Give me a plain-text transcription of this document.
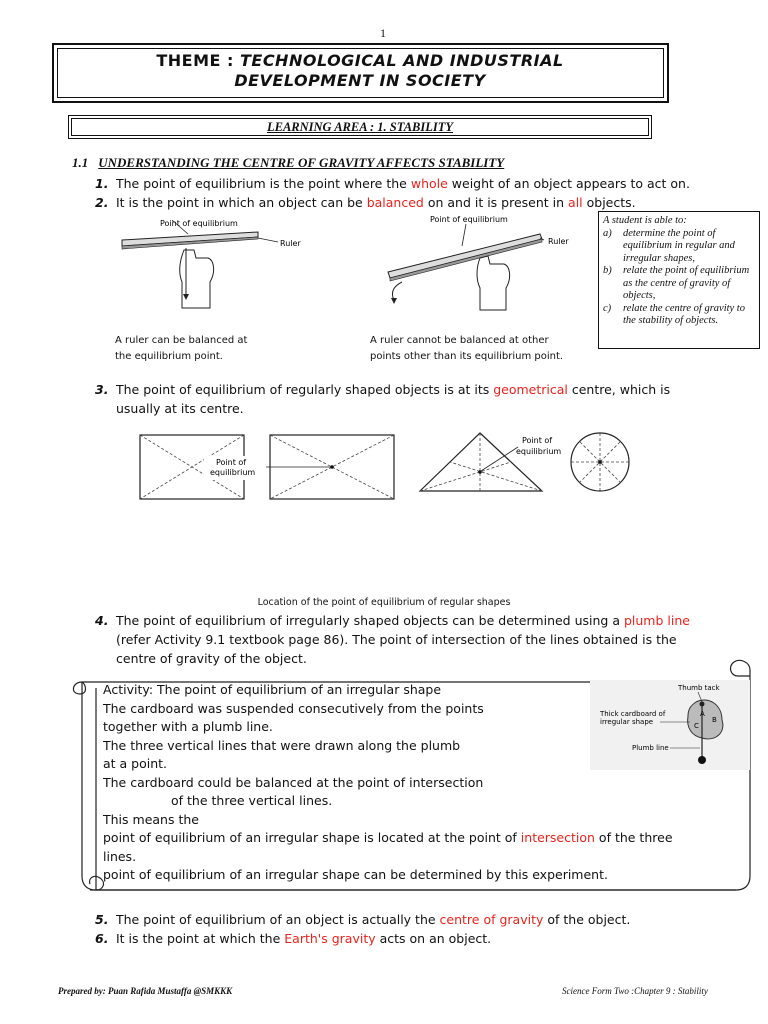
1
THEME : TECHNOLOGICAL AND INDUSTRIAL
DEVELOPMENT IN SOCIETY
LEARNING AREA : 1. STABILITY
1.1 UNDERSTANDING THE CENTRE OF GRAVITY AFFECTS STABILITY
1. The point of equilibrium is the point where the whole weight of an object appears to act on.
2. It is the point in which an object can be balanced on and it is present in all objects.
Point of equilibrium
Ruler
Point of equilibrium
Ruler
A ruler can be balanced at
the equilibrium point.
A ruler cannot be balanced at other
points other than its equilibrium point.
A student is able to:
a)	determine the point of equilibrium in regular and irregular shapes,
b)	relate the point of equilibrium as the centre of gravity of objects,
c)	relate the centre of gravity to the stability of objects.
3. The point of equilibrium of regularly shaped objects is at its geometrical centre, which is
usually at its centre.
Point of
equilibrium
Point of
equilibrium
Location of the point of equilibrium of regular shapes
4. The point of equilibrium of irregularly shaped objects can be determined using a plumb line
(refer Activity 9.1 textbook page 86). The point of intersection of the lines obtained is the
centre of gravity of the object.
A
B
C
Thumb tack
Thick cardboard of
irregular shape
Plumb line
Activity: The point of equilibrium of an irregular shape
The cardboard was suspended consecutively from the points
together with a plumb line.
The three vertical lines that were drawn along the plumb
at a point.
The cardboard could be balanced at the point of intersection
of the three vertical lines.
This means the
point of equilibrium of an irregular shape is located at the point of intersection of the three
lines.
point of equilibrium of an irregular shape can be determined by this experiment.
5. The point of equilibrium of an object is actually the centre of gravity of the object.
6. It is the point at which the Earth's gravity acts on an object.
Prepared by: Puan Rafida Mustaffa @SMKKK	Science Form Two :Chapter 9 : Stability
